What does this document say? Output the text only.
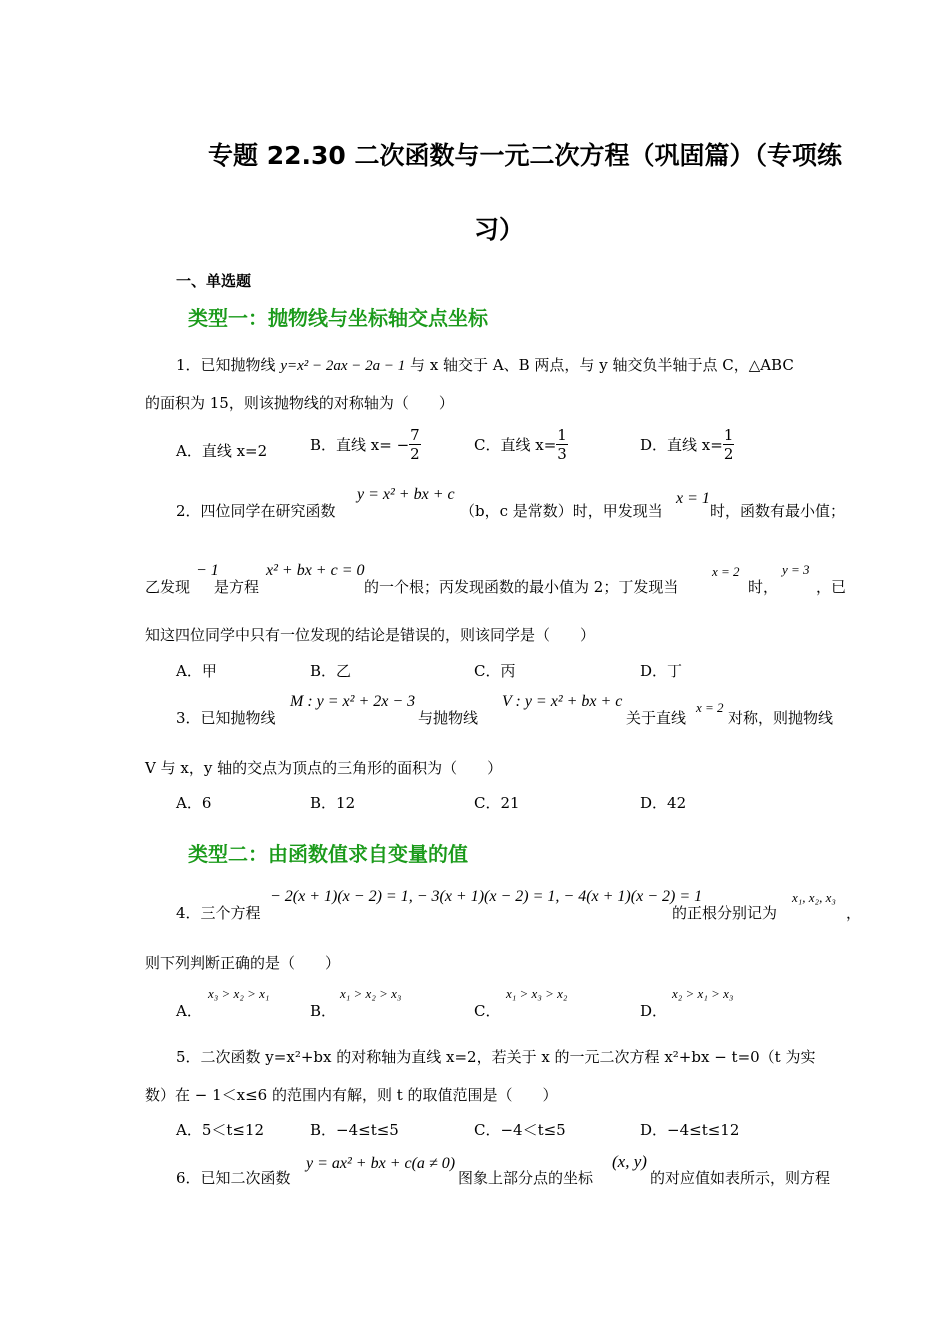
专题 22.30 二次函数与一元二次方程（巩固篇）（专项练
习）
一、单选题
类型一：抛物线与坐标轴交点坐标
1．已知抛物线 y=x² − 2ax − 2a − 1 与 x 轴交于 A、B 两点，与 y 轴交负半轴于点 C，△ABC
的面积为 15，则该抛物线的对称轴为（　　）
A．直线 x=2	B．直线 $x= - \frac{7}{2}$	C．直线 $x= \frac{1}{3}$	D．直线 $x= \frac{1}{2}$
2．四位同学在研究函数
y = x² + bx + c
（b，c 是常数）时，甲发现当
x = 1
时，函数有最小值；
乙发现
− 1
是方程
x² + bx + c = 0
的一个根；丙发现函数的最小值为 2；丁发现当
x = 2
时，
y = 3
，已
知这四位同学中只有一位发现的结论是错误的，则该同学是（　　）
A．甲	B．乙	C．丙	D．丁
3．已知抛物线
M : y = x² + 2x − 3
与抛物线
V : y = x² + bx + c
关于直线
x = 2
对称，则抛物线
V 与 x，y 轴的交点为顶点的三角形的面积为（　　）
A．6	B．12	C．21	D．42
类型二：由函数值求自变量的值
4．三个方程
− 2(x + 1)(x − 2) = 1, − 3(x + 1)(x − 2) = 1, − 4(x + 1)(x − 2) = 1
的正根分别记为
x₁, x₂, x₃
，
则下列判断正确的是（　　）
A．
x₃ > x₂ > x₁
B．
x₁ > x₂ > x₃
C．
x₁ > x₃ > x₂
D．
x₂ > x₁ > x₃
5．二次函数 y=x²+bx 的对称轴为直线 x=2，若关于 x 的一元二次方程 x²+bx − t=0（t 为实
数）在 − 1＜x≤6 的范围内有解，则 t 的取值范围是（　　）
A．5＜t≤12	B．−4≤t≤5	C．−4＜t≤5	D．−4≤t≤12
6．已知二次函数
y = ax² + bx + c(a ≠ 0)
图象上部分点的坐标
(x, y)
的对应值如表所示，则方程
